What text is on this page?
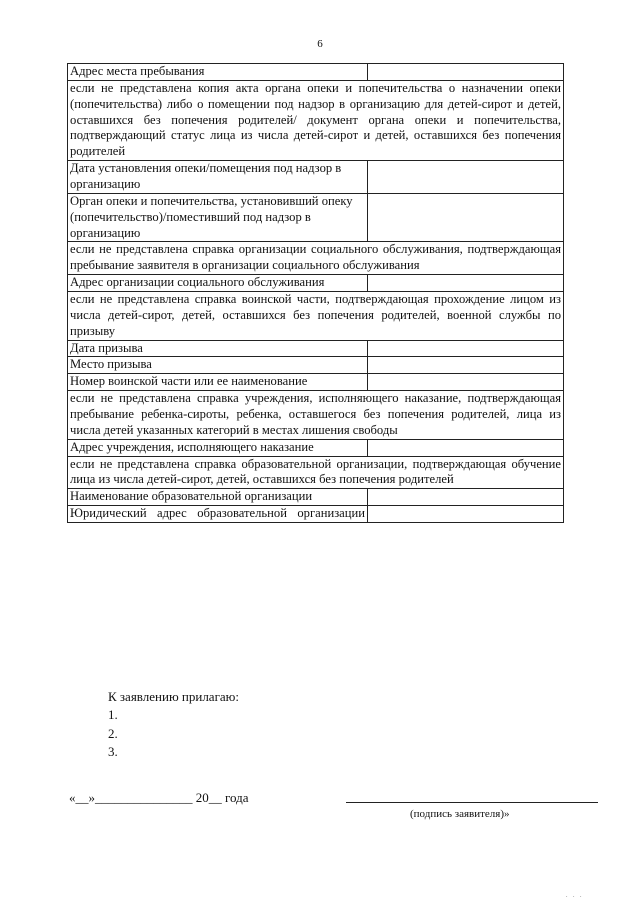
6
Адрес места пребывания	
если не представлена копия акта органа опеки и попечительства о назначении опеки (попечительства) либо о помещении под надзор в организацию для детей-сирот и детей, оставшихся без попечения родителей/ документ органа опеки и попечительства, подтверждающий статус лица из числа детей-сирот и детей, оставшихся без попечения родителей	
Дата установления опеки/помещения под надзор в организацию	
Орган опеки и попечительства, установивший опеку (попечительство)/поместивший под надзор в организацию	
если не представлена справка организации социального обслуживания, подтверждающая пребывание заявителя в организации социального обслуживания	
Адрес организации социального обслуживания	
если не представлена справка воинской части, подтверждающая прохождение лицом из числа детей-сирот, детей, оставшихся без попечения родителей, военной службы по призыву	
Дата призыва	
Место призыва	
Номер воинской части или ее наименование	
если не представлена справка учреждения, исполняющего наказание, подтверждающая пребывание ребенка-сироты, ребенка, оставшегося без попечения родителей, лица из числа детей указанных категорий в местах лишения свободы	
Адрес учреждения, исполняющего наказание	
если не представлена справка образовательной организации, подтверждающая обучение лица из числа детей-сирот, детей, оставшихся без попечения родителей	
Наименование образовательной организации	
Юридический адрес образовательной организации	
К заявлению прилагаю:
1.
2.
3.
«__»_______________ 20__ года
(подпись заявителя)»
. . .
